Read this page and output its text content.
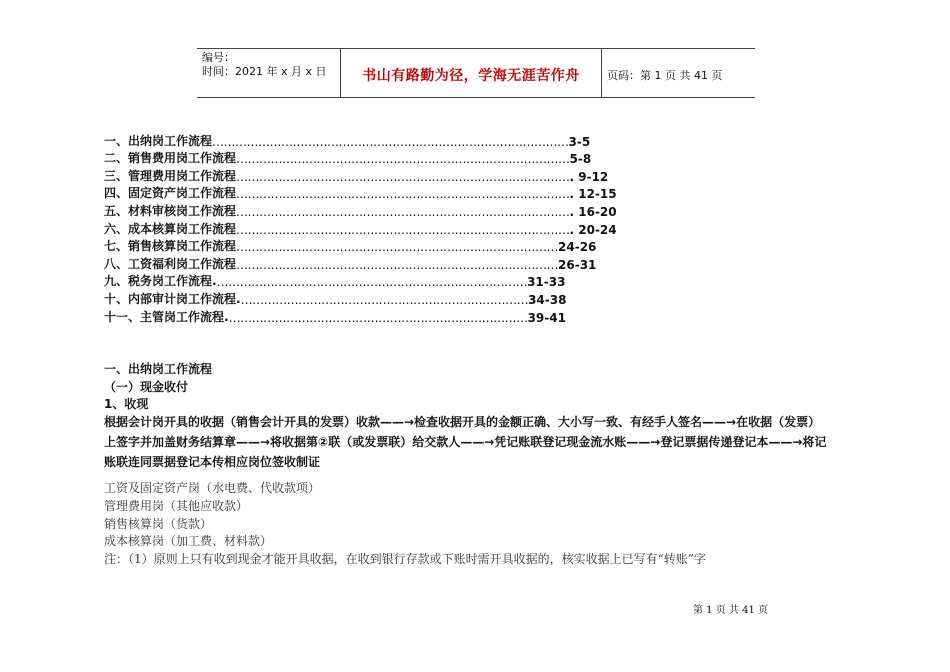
编号：
时间：2021 年 x 月 x 日	书山有路勤为径，学海无涯苦作舟	页码：第 1 页 共 41 页
一、出纳岗工作流程 ………………………………………………………………………………… 3-5
二、销售费用岗工作流程 …………………………………………………………………………… 5-8
三、管理费用岗工作流程 …………………………………………………………………………… . 9-12
四、固定资产岗工作流程 …………………………………………………………………………… . 12-15
五、材料审核岗工作流程 …………………………………………………………………………… . 16-20
六、成本核算岗工作流程 …………………………………………………………………………… . 20-24
七、销售核算岗工作流程 ………………………………………………………………………… 24-26
八、工资福利岗工作流程 ………………………………………………………………………… 26-31
九、税务岗工作流程. ……………………………………………………………………… 31-33
十、内部审计岗工作流程. ………………………………………………………………… 34-38
十一、主管岗工作流程. …………………………………………………………………… 39-41
一、出纳岗工作流程
（一）现金收付
1、收现
根据会计岗开具的收据（销售会计开具的发票）收款——→检查收据开具的金额正确、大小写一致、有经手人签名——→在收据（发票）上签字并加盖财务结算章——→将收据第②联（或发票联）给交款人——→凭记账联登记现金流水账——→登记票据传递登记本——→将记账联连同票据登记本传相应岗位签收制证
工资及固定资产岗（水电费、代收款项）
管理费用岗（其他应收款）
销售核算岗（货款）
成本核算岗（加工费、材料款）
注：（1）原则上只有收到现金才能开具收据，在收到银行存款或下账时需开具收据的，核实收据上已写有“转账”字
第 1 页 共 41 页
